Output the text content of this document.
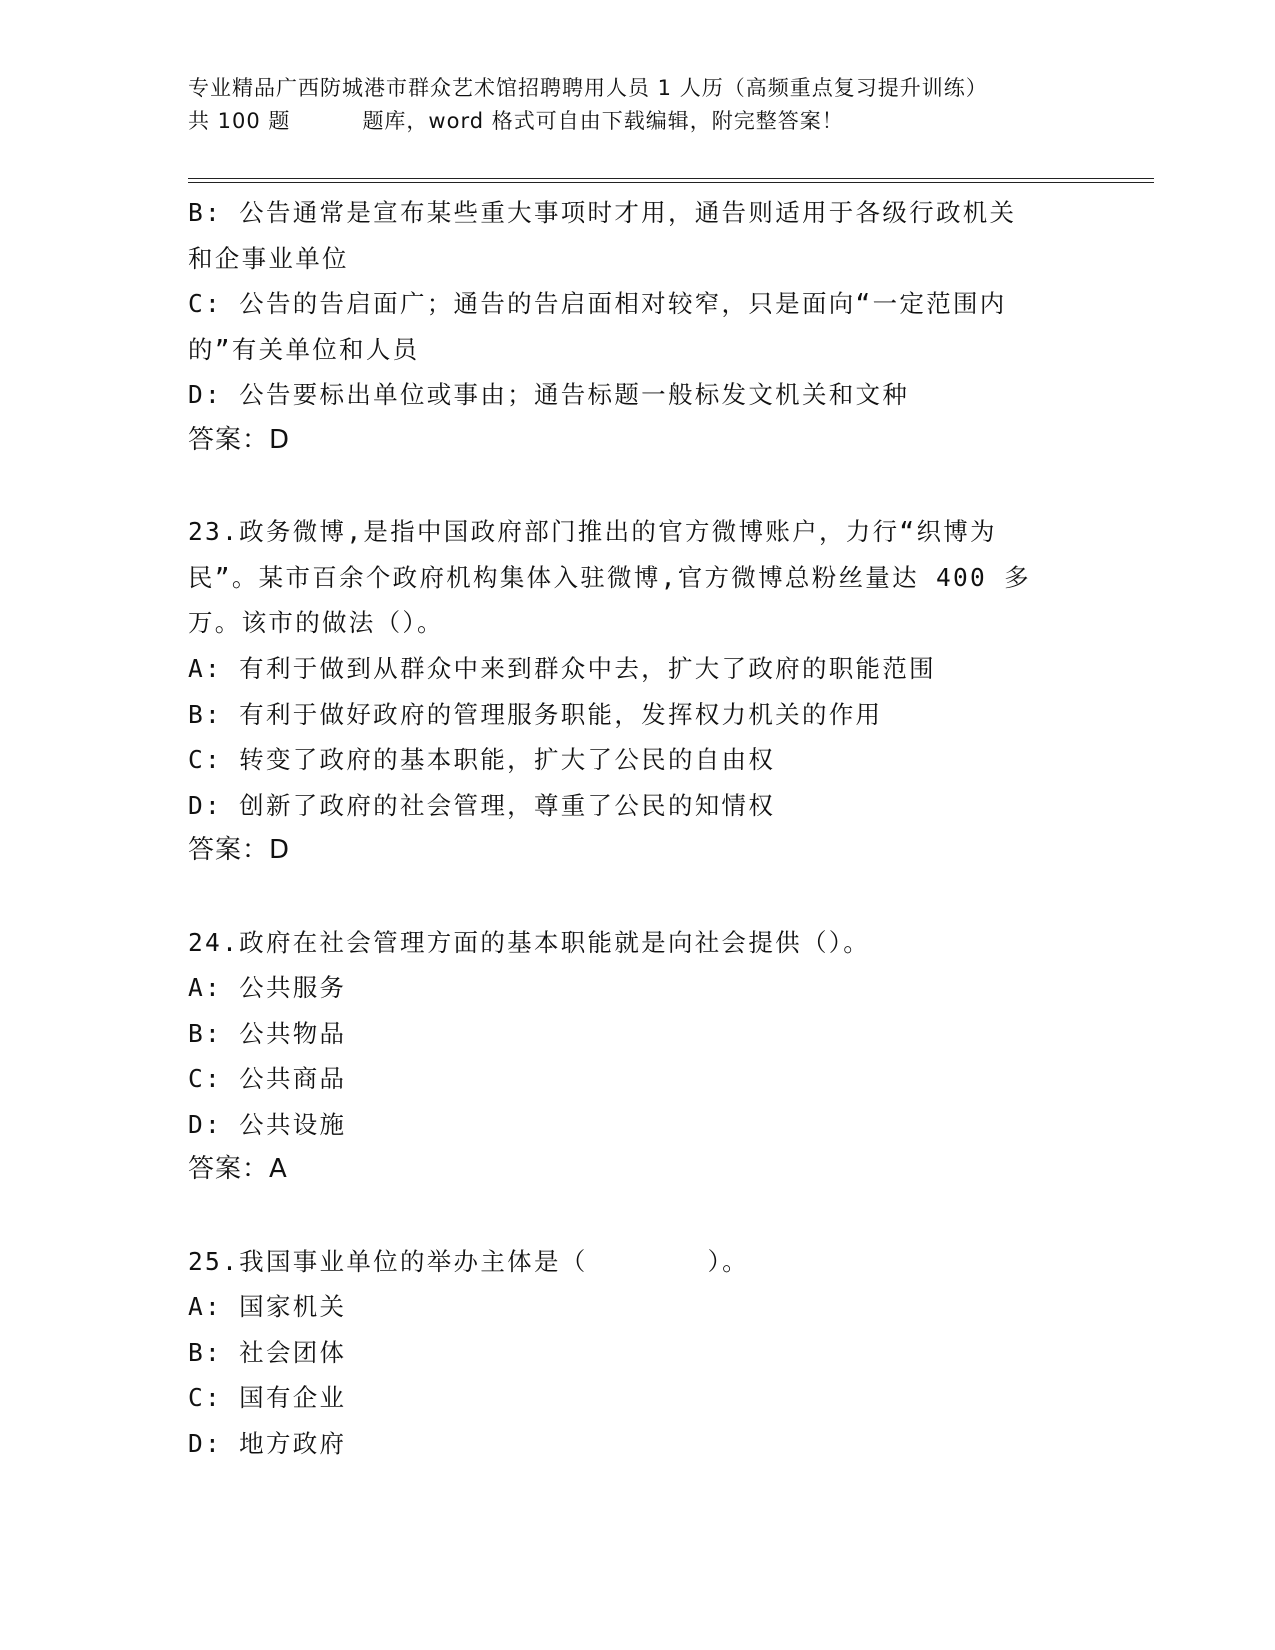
专业精品广西防城港市群众艺术馆招聘聘用人员 1 人历（高频重点复习提升训练）
共 100 题	题库，word 格式可自由下载编辑，附完整答案！
B: 公告通常是宣布某些重大事项时才用，通告则适用于各级行政机关
和企事业单位
C: 公告的告启面广；通告的告启面相对较窄，只是面向“一定范围内
的”有关单位和人员
D: 公告要标出单位或事由；通告标题一般标发文机关和文种
答案：D
23.政务微博,是指中国政府部门推出的官方微博账户，力行“织博为
民”。某市百余个政府机构集体入驻微博,官方微博总粉丝量达 400 多
万。该市的做法（）。
A: 有利于做到从群众中来到群众中去，扩大了政府的职能范围
B: 有利于做好政府的管理服务职能，发挥权力机关的作用
C: 转变了政府的基本职能，扩大了公民的自由权
D: 创新了政府的社会管理，尊重了公民的知情权
答案：D
24.政府在社会管理方面的基本职能就是向社会提供（）。
A: 公共服务
B: 公共物品
C: 公共商品
D: 公共设施
答案：A
25.我国事业单位的举办主体是（	）。
A: 国家机关
B: 社会团体
C: 国有企业
D: 地方政府
